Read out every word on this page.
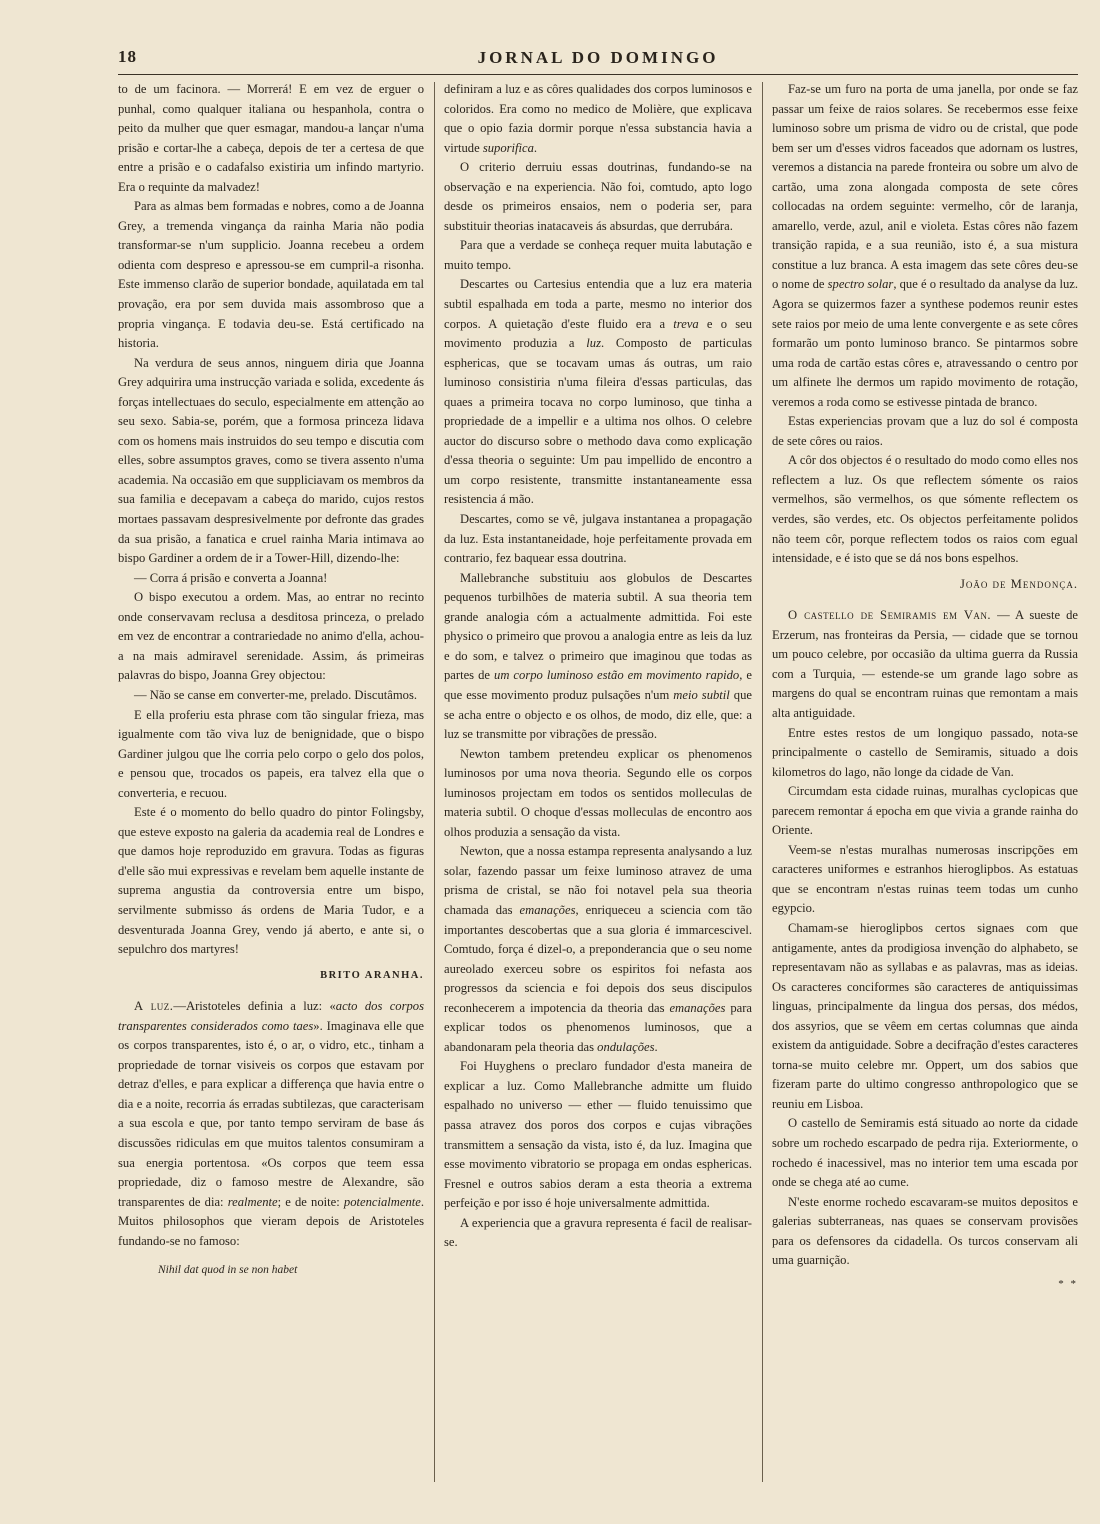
18	JORNAL DO DOMINGO

to de um facinora. — Morrerá! E em vez de erguer o punhal, como qualquer italiana ou hespanhola, contra o peito da mulher que quer esmagar, mandou-a lançar n'uma prisão e cortar-lhe a cabeça, depois de ter a certesa de que entre a prisão e o cadafalso existiria um infindo martyrio. Era o requinte da malvadez!

Para as almas bem formadas e nobres, como a de Joanna Grey, a tremenda vingança da rainha Maria não podia transformar-se n'um supplicio. Joanna recebeu a ordem odienta com despreso e apressou-se em cumpril-a risonha. Este immenso clarão de superior bondade, aquilatada em tal provação, era por sem duvida mais assombroso que a propria vingança. E todavia deu-se. Está certificado na historia.

Na verdura de seus annos, ninguem diria que Joanna Grey adquirira uma instrucção variada e solida, excedente ás forças intellectuaes do seculo, especialmente em attenção ao seu sexo. Sabia-se, porém, que a formosa princeza lidava com os homens mais instruidos do seu tempo e discutia com elles, sobre assumptos graves, como se tivera assento n'uma academia. Na occasião em que suppliciavam os membros da sua familia e decepavam a cabeça do marido, cujos restos mortaes passavam despresivelmente por defronte das grades da sua prisão, a fanatica e cruel rainha Maria intimava ao bispo Gardiner a ordem de ir a Tower-Hill, dizendo-lhe:

— Corra á prisão e converta a Joanna!

O bispo executou a ordem. Mas, ao entrar no recinto onde conservavam reclusa a desditosa princeza, o prelado em vez de encontrar a contrariedade no animo d'ella, achou-a na mais admiravel serenidade. Assim, ás primeiras palavras do bispo, Joanna Grey objectou:

— Não se canse em converter-me, prelado. Discutâmos.

E ella proferiu esta phrase com tão singular frieza, mas igualmente com tão viva luz de benignidade, que o bispo Gardiner julgou que lhe corria pelo corpo o gelo dos polos, e pensou que, trocados os papeis, era talvez ella que o converteria, e recuou.

Este é o momento do bello quadro do pintor Folingsby, que esteve exposto na galeria da academia real de Londres e que damos hoje reproduzido em gravura. Todas as figuras d'elle são mui expressivas e revelam bem aquelle instante de suprema angustia da controversia entre um bispo, servilmente submisso ás ordens de Maria Tudor, e a desventurada Joanna Grey, vendo já aberto, e ante si, o sepulchro dos martyres!

BRITO ARANHA.

A luz.—Aristoteles definia a luz: «acto dos corpos transparentes considerados como taes». Imaginava elle que os corpos transparentes, isto é, o ar, o vidro, etc., tinham a propriedade de tornar visiveis os corpos que estavam por detraz d'elles, e para explicar a differença que havia entre o dia e a noite, recorria ás erradas subtilezas, que caracterisam a sua escola e que, por tanto tempo serviram de base ás discussões ridiculas em que muitos talentos consumiram a sua energia portentosa. «Os corpos que teem essa propriedade, diz o famoso mestre de Alexandre, são transparentes de dia: realmente; e de noite: potencialmente. Muitos philosophos que vieram depois de Aristoteles fundando-se no famoso:

Nihil dat quod in se non habet

definiram a luz e as côres qualidades dos corpos luminosos e coloridos. Era como no medico de Molière, que explicava que o opio fazia dormir porque n'essa substancia havia a virtude suporifica.

O criterio derruiu essas doutrinas, fundando-se na observação e na experiencia. Não foi, comtudo, apto logo desde os primeiros ensaios, nem o poderia ser, para substituir theorias inatacaveis ás absurdas, que derrubára.

Para que a verdade se conheça requer muita labutação e muito tempo.

Descartes ou Cartesius entendia que a luz era materia subtil espalhada em toda a parte, mesmo no interior dos corpos. A quietação d'este fluido era a treva e o seu movimento produzia a luz. Composto de particulas esphericas, que se tocavam umas ás outras, um raio luminoso consistiria n'uma fileira d'essas particulas, das quaes a primeira tocava no corpo luminoso, que tinha a propriedade de a impellir e a ultima nos olhos. O celebre auctor do discurso sobre o methodo dava como explicação d'essa theoria o seguinte: Um pau impellido de encontro a um corpo resistente, transmitte instantaneamente essa resistencia á mão.

Descartes, como se vê, julgava instantanea a propagação da luz. Esta instantaneidade, hoje perfeitamente provada em contrario, fez baquear essa doutrina.

Mallebranche substituiu aos globulos de Descartes pequenos turbilhões de materia subtil. A sua theoria tem grande analogia cóm a actualmente admittida. Foi este physico o primeiro que provou a analogia entre as leis da luz e do som, e talvez o primeiro que imaginou que todas as partes de um corpo luminoso estão em movimento rapido, e que esse movimento produz pulsações n'um meio subtil que se acha entre o objecto e os olhos, de modo, diz elle, que: a luz se transmitte por vibrações de pressão.

Newton tambem pretendeu explicar os phenomenos luminosos por uma nova theoria. Segundo elle os corpos luminosos projectam em todos os sentidos molleculas de materia subtil. O choque d'essas molleculas de encontro aos olhos produzia a sensação da vista.

Newton, que a nossa estampa representa analysando a luz solar, fazendo passar um feixe luminoso atravez de uma prisma de cristal, se não foi notavel pela sua theoria chamada das emanações, enriqueceu a sciencia com tão importantes descobertas que a sua gloria é immarcescivel. Comtudo, força é dizel-o, a preponderancia que o seu nome aureolado exerceu sobre os espiritos foi nefasta aos progressos da sciencia e foi depois dos seus discipulos reconhecerem a impotencia da theoria das emanações para explicar todos os phenomenos luminosos, que a abandonaram pela theoria das ondulações.

Foi Huyghens o preclaro fundador d'esta maneira de explicar a luz. Como Mallebranche admitte um fluido espalhado no universo — ether — fluido tenuissimo que passa atravez dos poros dos corpos e cujas vibrações transmittem a sensação da vista, isto é, da luz. Imagina que esse movimento vibratorio se propaga em ondas esphericas. Fresnel e outros sabios deram a esta theoria a extrema perfeição e por isso é hoje universalmente admittida.

A experiencia que a gravura representa é facil de realisar-se.

Faz-se um furo na porta de uma janella, por onde se faz passar um feixe de raios solares. Se recebermos esse feixe luminoso sobre um prisma de vidro ou de cristal, que pode bem ser um d'esses vidros faceados que adornam os lustres, veremos a distancia na parede fronteira ou sobre um alvo de cartão, uma zona alongada composta de sete côres collocadas na ordem seguinte: vermelho, côr de laranja, amarello, verde, azul, anil e violeta. Estas côres não fazem transição rapida, e a sua reunião, isto é, a sua mistura constitue a luz branca. A esta imagem das sete côres deu-se o nome de spectro solar, que é o resultado da analyse da luz. Agora se quizermos fazer a synthese podemos reunir estes sete raios por meio de uma lente convergente e as sete côres formarão um ponto luminoso branco. Se pintarmos sobre uma roda de cartão estas côres e, atravessando o centro por um alfinete lhe dermos um rapido movimento de rotação, veremos a roda como se estivesse pintada de branco.

Estas experiencias provam que a luz do sol é composta de sete côres ou raios.

A côr dos objectos é o resultado do modo como elles nos reflectem a luz. Os que reflectem sómente os raios vermelhos, são vermelhos, os que sómente reflectem os verdes, são verdes, etc. Os objectos perfeitamente polidos não teem côr, porque reflectem todos os raios com egual intensidade, e é isto que se dá nos bons espelhos.

João de Mendonça.

O castello de Semiramis em Van. — A sueste de Erzerum, nas fronteiras da Persia, — cidade que se tornou um pouco celebre, por occasião da ultima guerra da Russia com a Turquia, — estende-se um grande lago sobre as margens do qual se encontram ruinas que remontam a mais alta antiguidade.

Entre estes restos de um longiquo passado, nota-se principalmente o castello de Semiramis, situado a dois kilometros do lago, não longe da cidade de Van.

Circumdam esta cidade ruinas, muralhas cyclopicas que parecem remontar á epocha em que vivia a grande rainha do Oriente.

Veem-se n'estas muralhas numerosas inscripções em caracteres uniformes e estranhos hieroglipbos. As estatuas que se encontram n'estas ruinas teem todas um cunho egypcio.

Chamam-se hieroglipbos certos signaes com que antigamente, antes da prodigiosa invenção do alphabeto, se representavam não as syllabas e as palavras, mas as ideias. Os caracteres conciformes são caracteres de antiquissimas linguas, principalmente da lingua dos persas, dos médos, dos assyrios, que se vêem em certas columnas que ainda existem da antiguidade. Sobre a decifração d'estes caracteres torna-se muito celebre mr. Oppert, um dos sabios que fizeram parte do ultimo congresso anthropologico que se reuniu em Lisboa.

O castello de Semiramis está situado ao norte da cidade sobre um rochedo escarpado de pedra rija. Exteriormente, o rochedo é inacessivel, mas no interior tem uma escada por onde se chega até ao cume.

N'este enorme rochedo escavaram-se muitos depositos e galerias subterraneas, nas quaes se conservam provisões para os defensores da cidadella. Os turcos conservam ali uma guarnição.

* *
